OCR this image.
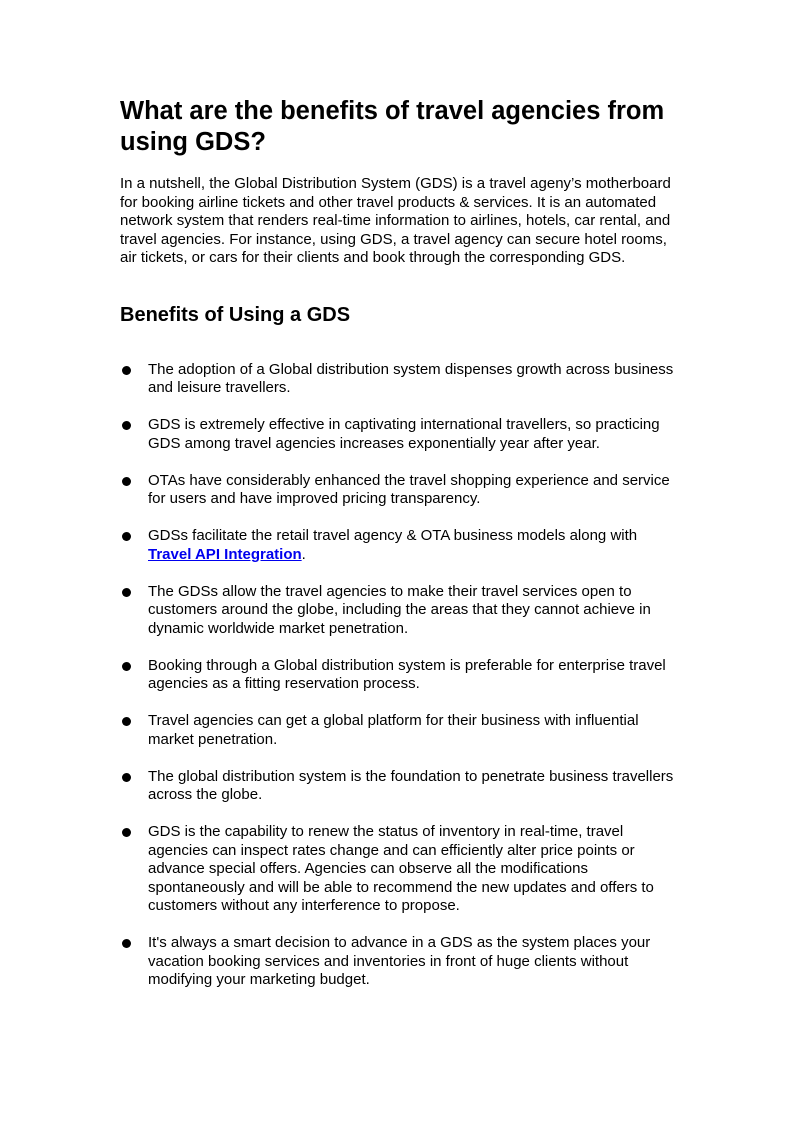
What are the benefits of travel agencies from using GDS?

In a nutshell, the Global Distribution System (GDS) is a travel ageny’s motherboard for booking airline tickets and other travel products & services. It is an automated network system that renders real-time information to airlines, hotels, car rental, and travel agencies. For instance, using GDS, a travel agency can secure hotel rooms, air tickets, or cars for their clients and book through the corresponding GDS.

Benefits of Using a GDS
The adoption of a Global distribution system dispenses growth across business and leisure travellers.
GDS is extremely effective in captivating international travellers, so practicing GDS among travel agencies increases exponentially year after year.
OTAs have considerably enhanced the travel shopping experience and service for users and have improved pricing transparency.
GDSs facilitate the retail travel agency & OTA business models along with Travel API Integration.
The GDSs allow the travel agencies to make their travel services open to customers around the globe, including the areas that they cannot achieve in dynamic worldwide market penetration.
Booking through a Global distribution system is preferable for enterprise travel agencies as a fitting reservation process.
Travel agencies can get a global platform for their business with influential market penetration.
The global distribution system is the foundation to penetrate business travellers across the globe.
GDS is the capability to renew the status of inventory in real-time, travel agencies can inspect rates change and can efficiently alter price points or advance special offers. Agencies can observe all the modifications spontaneously and will be able to recommend the new updates and offers to customers without any interference to propose.
It's always a smart decision to advance in a GDS as the system places your vacation booking services and inventories in front of huge clients without modifying your marketing budget.
